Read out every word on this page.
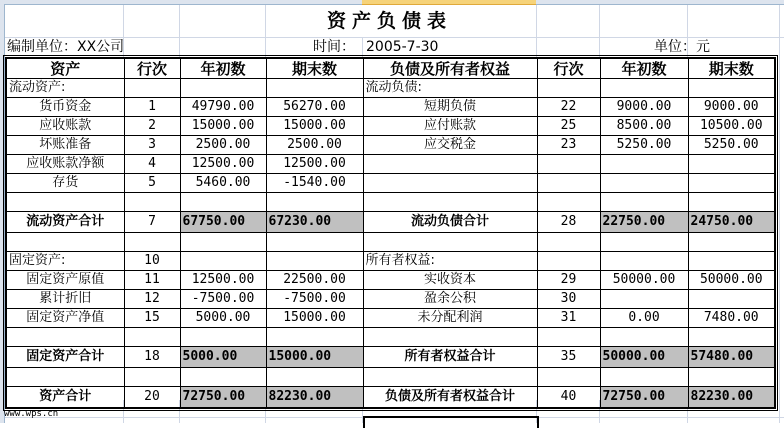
资产负债表
编制单位：XX公司	时间： 2005-7-30	单位：元
资产	行次	年初数	期末数	负债及所有者权益	行次	年初数	期末数
流动资产:				流动负债:			
货币资金	1	49790.00	56270.00	短期负债	22	9000.00	9000.00
应收账款	2	15000.00	15000.00	应付账款	25	8500.00	10500.00
坏账准备	3	2500.00	2500.00	应交税金	23	5250.00	5250.00
应收账款净额	4	12500.00	12500.00				
存货	5	5460.00	-1540.00				

流动资产合计	7	67750.00	67230.00	流动负债合计	28	22750.00	24750.00

固定资产:	10			所有者权益:			
固定资产原值	11	12500.00	22500.00	实收资本	29	50000.00	50000.00
累计折旧	12	-7500.00	-7500.00	盈余公积	30		
固定资产净值	15	5000.00	15000.00	未分配利润	31	0.00	7480.00

固定资产合计	18	5000.00	15000.00	所有者权益合计	35	50000.00	57480.00

资产合计	20	72750.00	82230.00	负债及所有者权益合计	40	72750.00	82230.00
www.wps.cn
